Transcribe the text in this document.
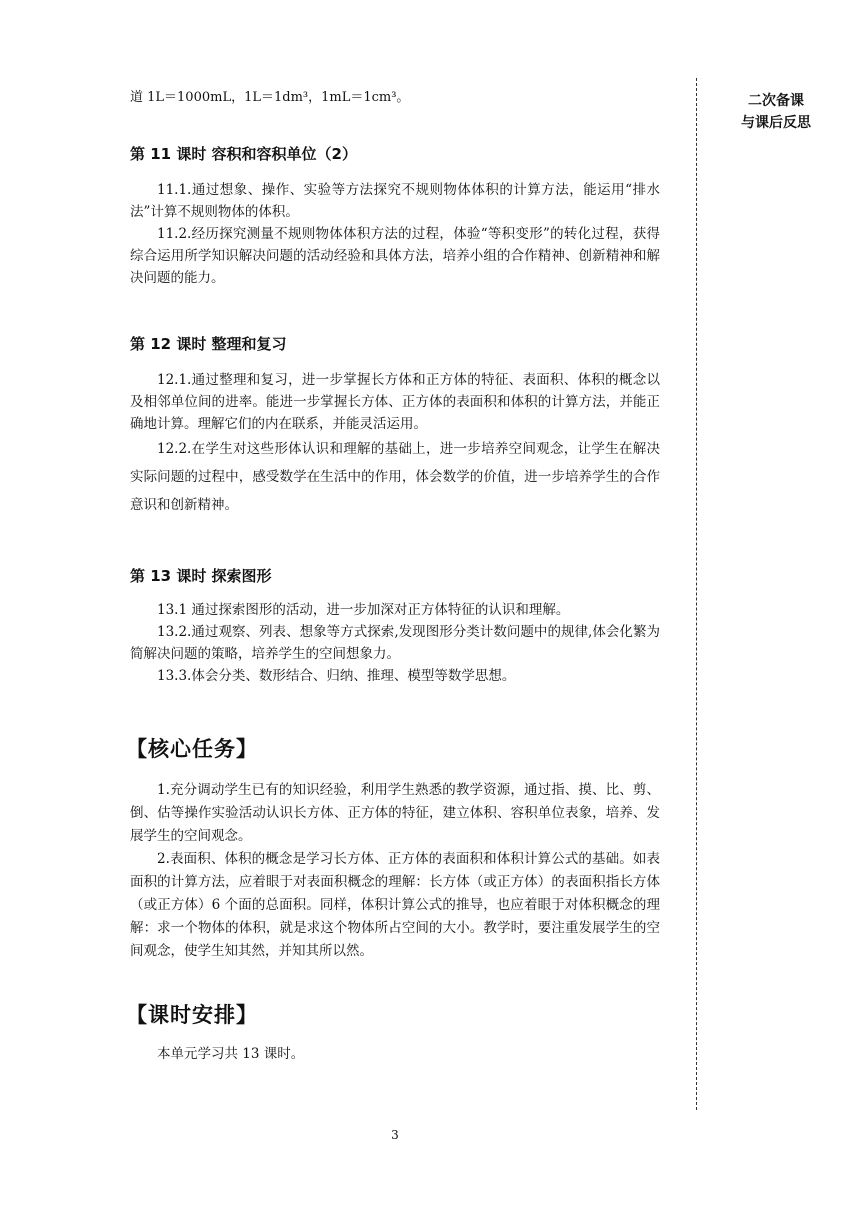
道 1L＝1000mL，1L＝1dm³，1mL＝1cm³。
第 11 课时 容积和容积单位（2）

11.1.通过想象、操作、实验等方法探究不规则物体体积的计算方法，能运用“排水法”计算不规则物体的体积。

11.2.经历探究测量不规则物体体积方法的过程，体验“等积变形”的转化过程，获得综合运用所学知识解决问题的活动经验和具体方法，培养小组的合作精神、创新精神和解决问题的能力。

第 12 课时 整理和复习

12.1.通过整理和复习，进一步掌握长方体和正方体的特征、表面积、体积的概念以及相邻单位间的进率。能进一步掌握长方体、正方体的表面积和体积的计算方法，并能正确地计算。理解它们的内在联系，并能灵活运用。

12.2.在学生对这些形体认识和理解的基础上，进一步培养空间观念，让学生在解决实际问题的过程中，感受数学在生活中的作用，体会数学的价值，进一步培养学生的合作意识和创新精神。

第 13 课时 探索图形

13.1 通过探索图形的活动，进一步加深对正方体特征的认识和理解。

13.2.通过观察、列表、想象等方式探索,发现图形分类计数问题中的规律,体会化繁为简解决问题的策略，培养学生的空间想象力。

13.3.体会分类、数形结合、归纳、推理、模型等数学思想。

【核心任务】

1.充分调动学生已有的知识经验，利用学生熟悉的教学资源，通过指、摸、比、剪、倒、估等操作实验活动认识长方体、正方体的特征，建立体积、容积单位表象，培养、发展学生的空间观念。

2.表面积、体积的概念是学习长方体、正方体的表面积和体积计算公式的基础。如表面积的计算方法，应着眼于对表面积概念的理解：长方体（或正方体）的表面积指长方体（或正方体）6 个面的总面积。同样，体积计算公式的推导，也应着眼于对体积概念的理解：求一个物体的体积，就是求这个物体所占空间的大小。教学时，要注重发展学生的空间观念，使学生知其然，并知其所以然。

【课时安排】

本单元学习共 13 课时。

二次备课
与课后反思
3
